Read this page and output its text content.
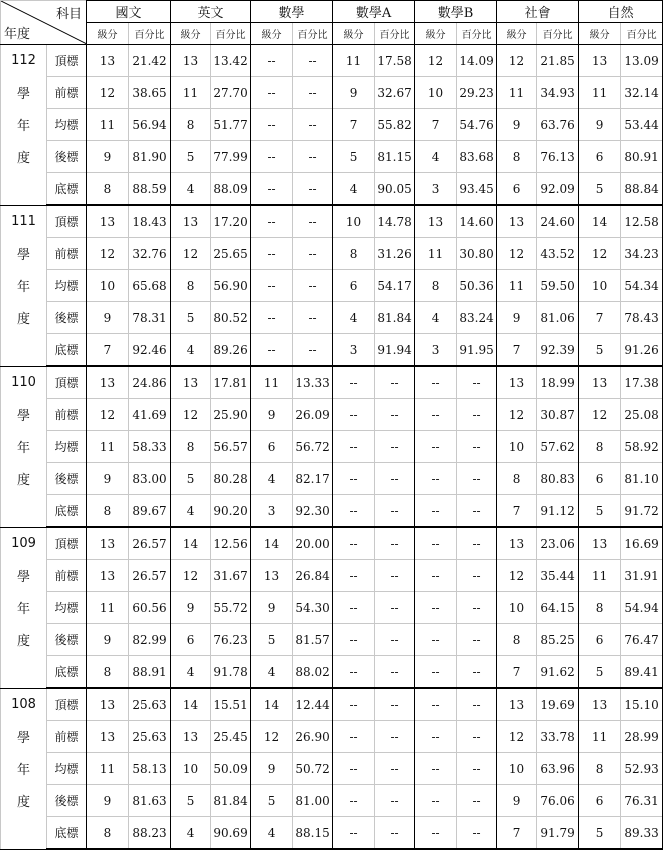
科目
年度		國文		英文		數學		數學A		數學B		社會		自然	
		級分	百分比	級分	百分比	級分	百分比	級分	百分比	級分	百分比	級分	百分比	級分	百分比
112	頂標	13	21.42	13	13.42	--	--	11	17.58	12	14.09	12	21.85	13	13.09
學	前標	12	38.65	11	27.70	--	--	9	32.67	10	29.23	11	34.93	11	32.14
年	均標	11	56.94	8	51.77	--	--	7	55.82	7	54.76	9	63.76	9	53.44
度	後標	9	81.90	5	77.99	--	--	5	81.15	4	83.68	8	76.13	6	80.91
	底標	8	88.59	4	88.09	--	--	4	90.05	3	93.45	6	92.09	5	88.84
111	頂標	13	18.43	13	17.20	--	--	10	14.78	13	14.60	13	24.60	14	12.58
學	前標	12	32.76	12	25.65	--	--	8	31.26	11	30.80	12	43.52	12	34.23
年	均標	10	65.68	8	56.90	--	--	6	54.17	8	50.36	11	59.50	10	54.34
度	後標	9	78.31	5	80.52	--	--	4	81.84	4	83.24	9	81.06	7	78.43
	底標	7	92.46	4	89.26	--	--	3	91.94	3	91.95	7	92.39	5	91.26
110	頂標	13	24.86	13	17.81	11	13.33	--	--	--	--	13	18.99	13	17.38
學	前標	12	41.69	12	25.90	9	26.09	--	--	--	--	12	30.87	12	25.08
年	均標	11	58.33	8	56.57	6	56.72	--	--	--	--	10	57.62	8	58.92
度	後標	9	83.00	5	80.28	4	82.17	--	--	--	--	8	80.83	6	81.10
	底標	8	89.67	4	90.20	3	92.30	--	--	--	--	7	91.12	5	91.72
109	頂標	13	26.57	14	12.56	14	20.00	--	--	--	--	13	23.06	13	16.69
學	前標	13	26.57	12	31.67	13	26.84	--	--	--	--	12	35.44	11	31.91
年	均標	11	60.56	9	55.72	9	54.30	--	--	--	--	10	64.15	8	54.94
度	後標	9	82.99	6	76.23	5	81.57	--	--	--	--	8	85.25	6	76.47
	底標	8	88.91	4	91.78	4	88.02	--	--	--	--	7	91.62	5	89.41
108	頂標	13	25.63	14	15.51	14	12.44	--	--	--	--	13	19.69	13	15.10
學	前標	13	25.63	13	25.45	12	26.90	--	--	--	--	12	33.78	11	28.99
年	均標	11	58.13	10	50.09	9	50.72	--	--	--	--	10	63.96	8	52.93
度	後標	9	81.63	5	81.84	5	81.00	--	--	--	--	9	76.06	6	76.31
	底標	8	88.23	4	90.69	4	88.15	--	--	--	--	7	91.79	5	89.33
